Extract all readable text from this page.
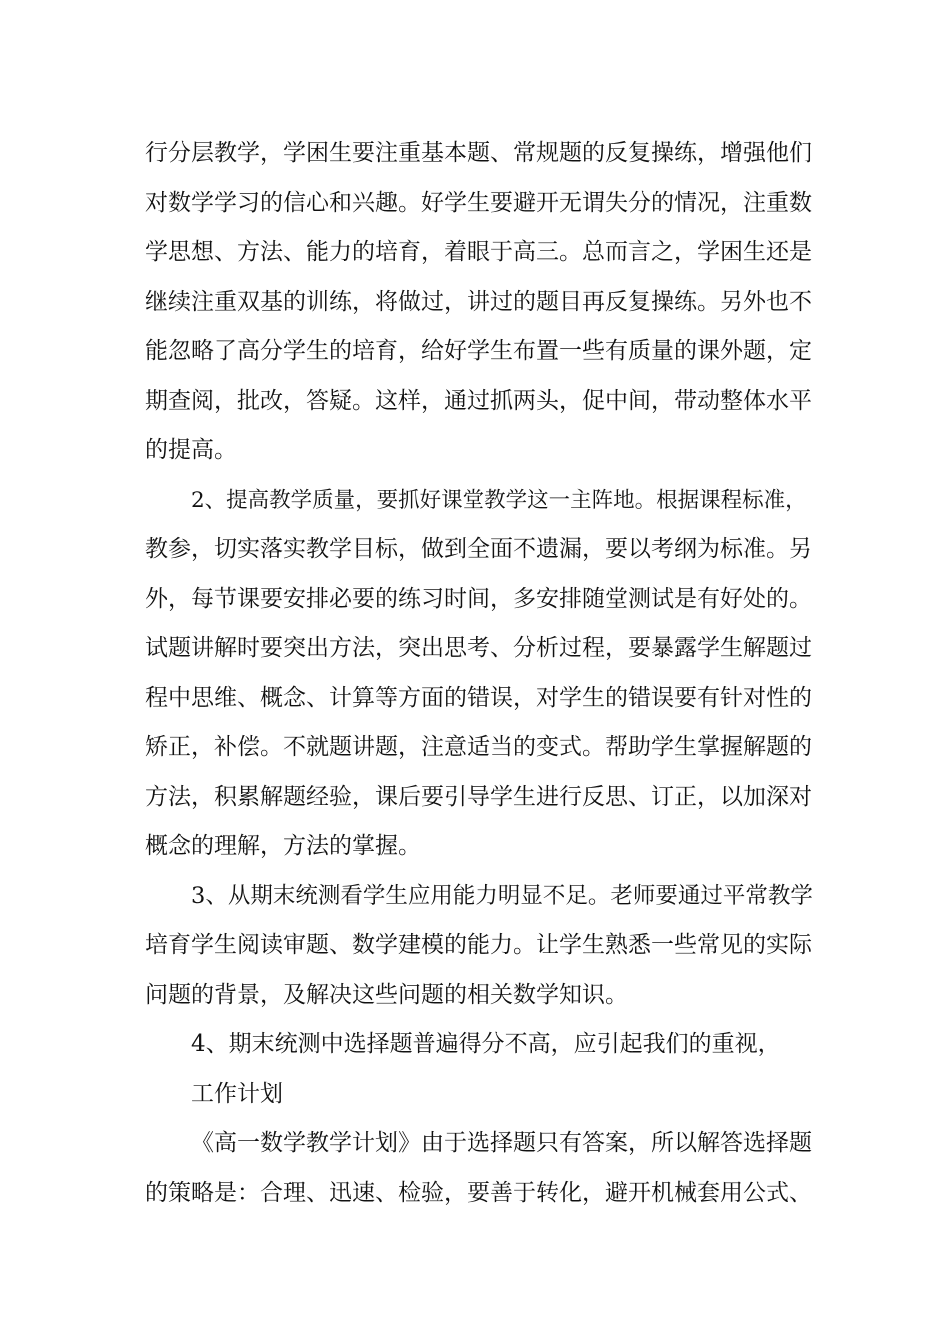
行分层教学，学困生要注重基本题、常规题的反复操练，增强他们
对数学学习的信心和兴趣。好学生要避开无谓失分的情况，注重数
学思想、方法、能力的培育，着眼于高三。总而言之，学困生还是
继续注重双基的训练，将做过，讲过的题目再反复操练。另外也不
能忽略了高分学生的培育，给好学生布置一些有质量的课外题，定
期查阅，批改，答疑。这样，通过抓两头，促中间，带动整体水平
的提高。
2、提高教学质量，要抓好课堂教学这一主阵地。根据课程标准，
教参，切实落实教学目标，做到全面不遗漏，要以考纲为标准。另
外，每节课要安排必要的练习时间，多安排随堂测试是有好处的。
试题讲解时要突出方法，突出思考、分析过程，要暴露学生解题过
程中思维、概念、计算等方面的错误，对学生的错误要有针对性的
矫正，补偿。不就题讲题，注意适当的变式。帮助学生掌握解题的
方法，积累解题经验，课后要引导学生进行反思、订正，以加深对
概念的理解，方法的掌握。
3、从期末统测看学生应用能力明显不足。老师要通过平常教学
培育学生阅读审题、数学建模的能力。让学生熟悉一些常见的实际
问题的背景，及解决这些问题的相关数学知识。
4、期末统测中选择题普遍得分不高，应引起我们的重视，
工作计划
《高一数学教学计划》由于选择题只有答案，所以解答选择题
的策略是：合理、迅速、检验，要善于转化，避开机械套用公式、
